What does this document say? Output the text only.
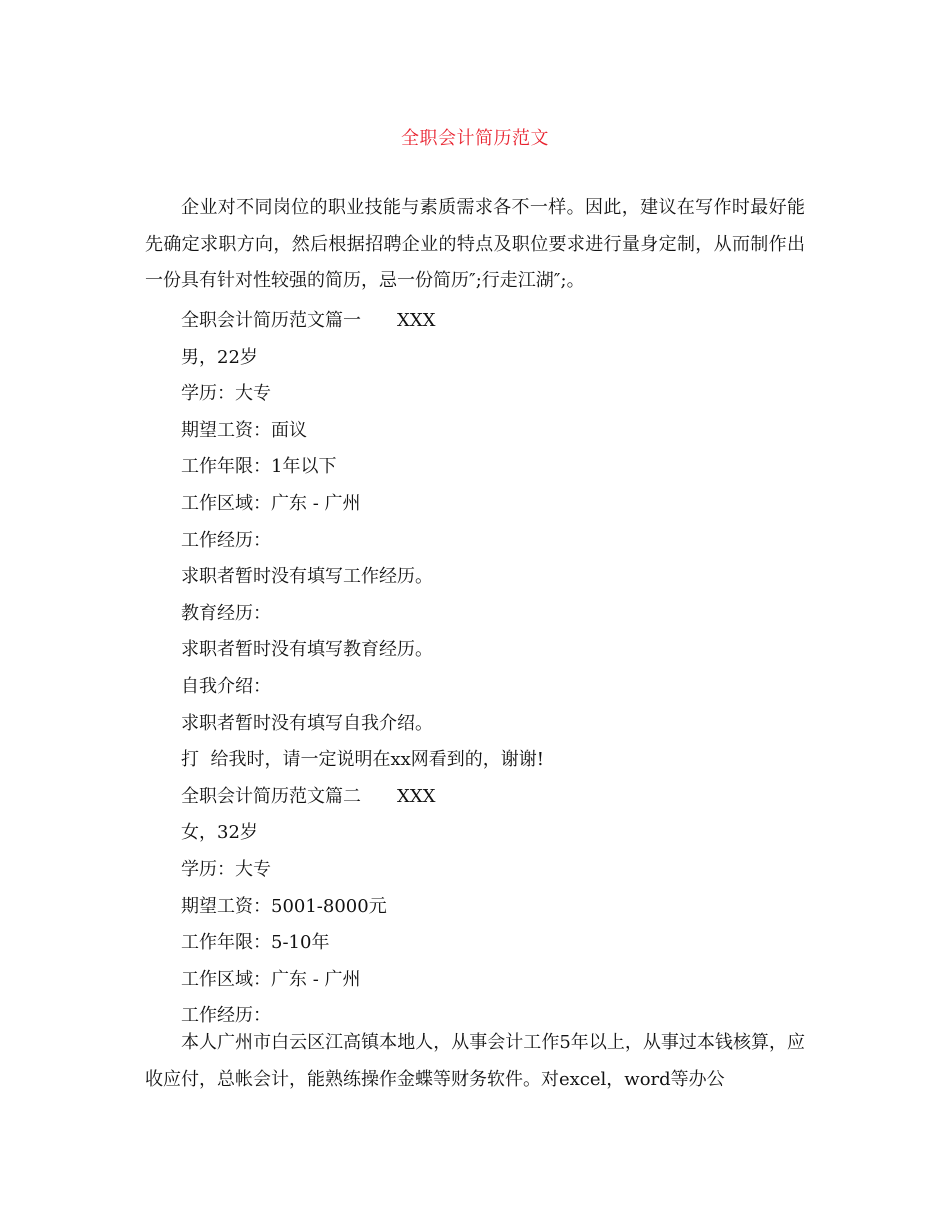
全职会计简历范文

企业对不同岗位的职业技能与素质需求各不一样。因此，建议在写作时最好能先确定求职方向，然后根据招聘企业的特点及职位要求进行量身定制，从而制作出一份具有针对性较强的简历，忌一份简历″;行走江湖″;。

全职会计简历范文篇一 XXX
男，22岁
学历：大专
期望工资：面议
工作年限：1年以下
工作区域：广东 - 广州
工作经历：
求职者暂时没有填写工作经历。
教育经历：
求职者暂时没有填写教育经历。
自我介绍：
求职者暂时没有填写自我介绍。
打  给我时，请一定说明在xx网看到的，谢谢!
全职会计简历范文篇二 XXX
女，32岁
学历：大专
期望工资：5001-8000元
工作年限：5-10年
工作区域：广东 - 广州
工作经历：

本人广州市白云区江高镇本地人，从事会计工作5年以上，从事过本钱核算，应收应付，总帐会计，能熟练操作金蝶等财务软件。对excel，word等办公
